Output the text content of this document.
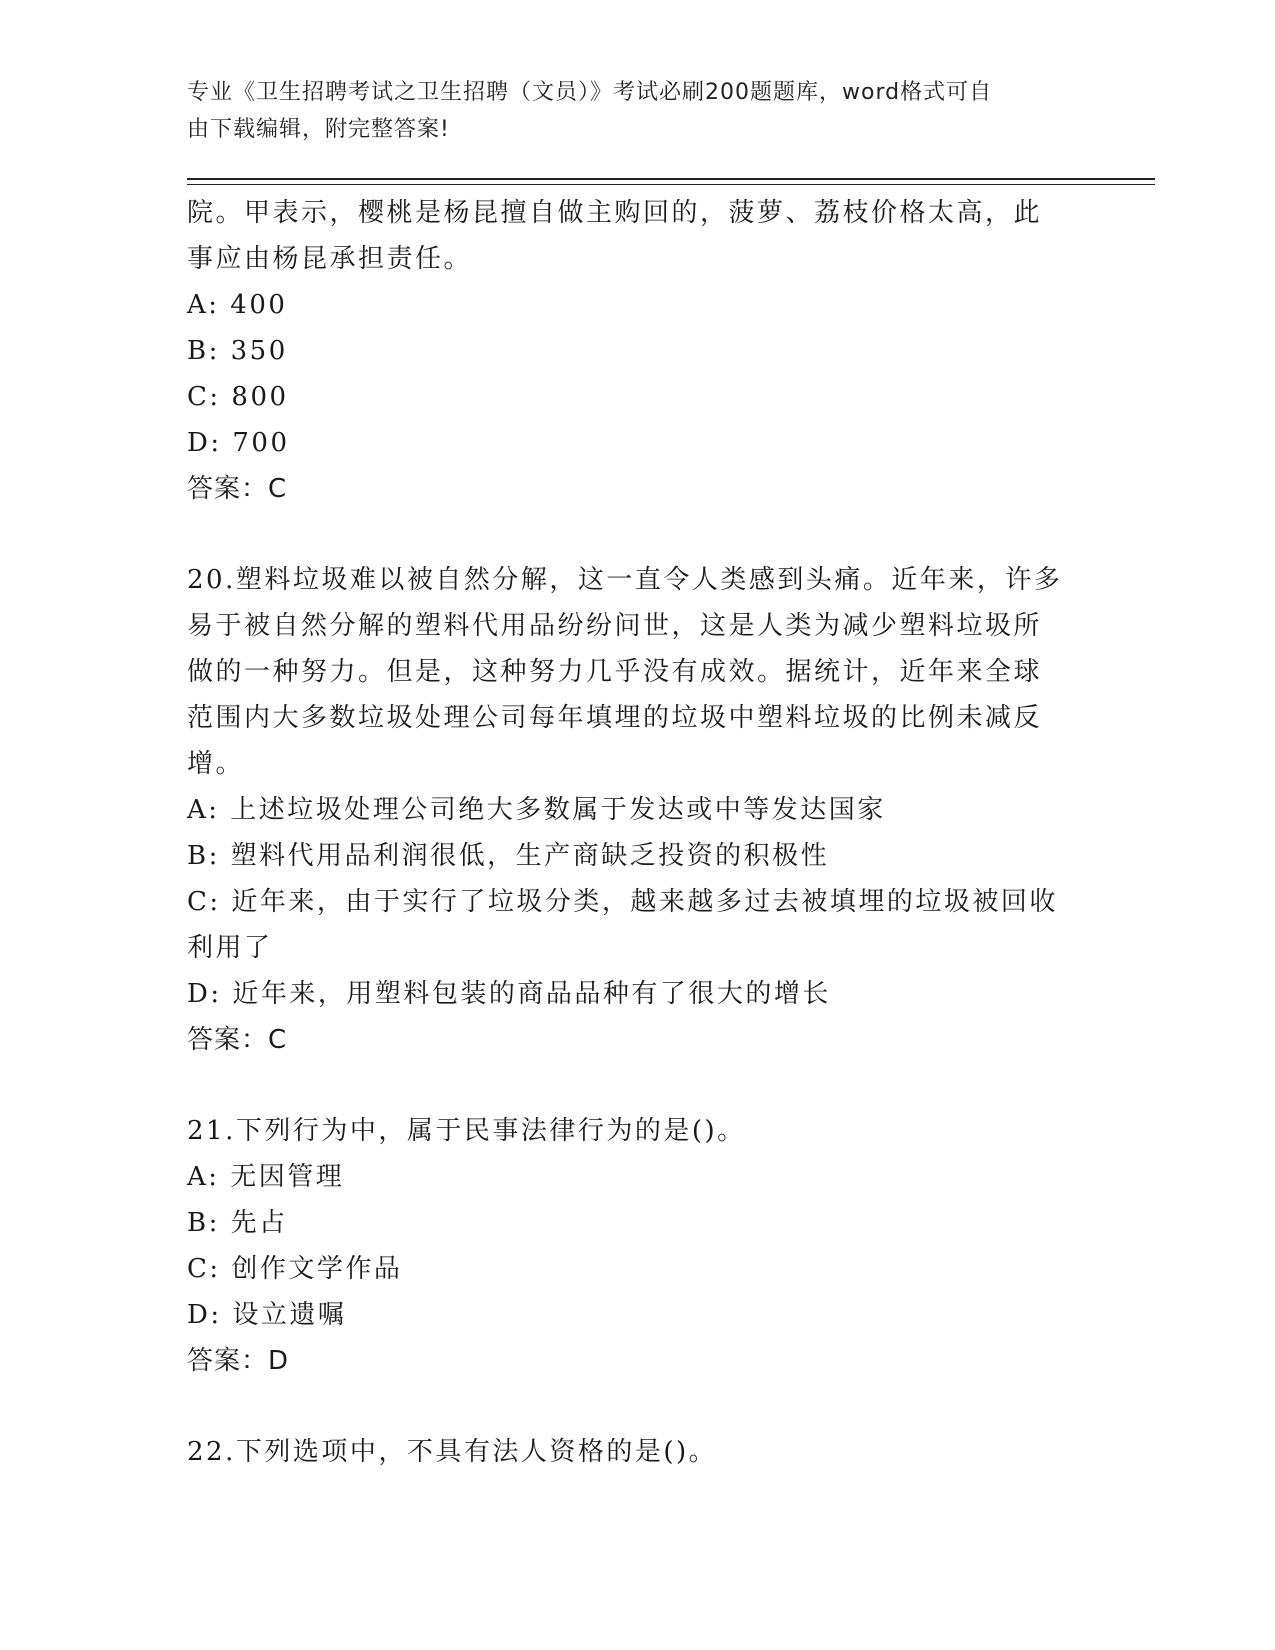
专业《卫生招聘考试之卫生招聘（文员）》考试必刷200题题库，word格式可自
由下载编辑，附完整答案!
院。甲表示，樱桃是杨昆擅自做主购回的，菠萝、荔枝价格太高，此
事应由杨昆承担责任。
A: 400
B: 350
C: 800
D: 700
答案：C
20.塑料垃圾难以被自然分解，这一直令人类感到头痛。近年来，许多
易于被自然分解的塑料代用品纷纷问世，这是人类为减少塑料垃圾所
做的一种努力。但是，这种努力几乎没有成效。据统计，近年来全球
范围内大多数垃圾处理公司每年填埋的垃圾中塑料垃圾的比例未减反
增。
A: 上述垃圾处理公司绝大多数属于发达或中等发达国家
B: 塑料代用品利润很低，生产商缺乏投资的积极性
C: 近年来，由于实行了垃圾分类，越来越多过去被填埋的垃圾被回收
利用了
D: 近年来，用塑料包装的商品品种有了很大的增长
答案：C
21.下列行为中，属于民事法律行为的是()。
A: 无因管理
B: 先占
C: 创作文学作品
D: 设立遗嘱
答案：D
22.下列选项中，不具有法人资格的是()。
